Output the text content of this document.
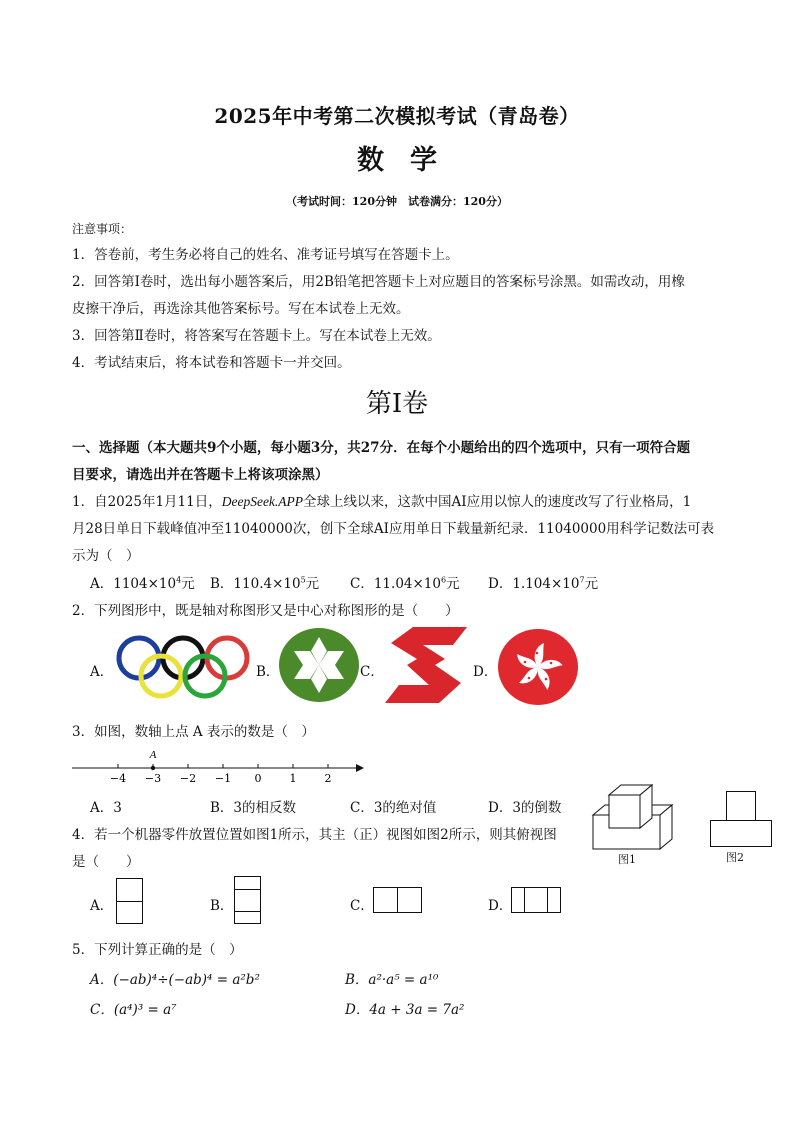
2025年中考第二次模拟考试（青岛卷）
数学
（考试时间：120分钟　试卷满分：120分）
注意事项：
1．答卷前，考生务必将自己的姓名、准考证号填写在答题卡上。
2．回答第Ⅰ卷时，选出每小题答案后，用2B铅笔把答题卡上对应题目的答案标号涂黑。如需改动，用橡
皮擦干净后，再选涂其他答案标号。写在本试卷上无效。
3．回答第Ⅱ卷时，将答案写在答题卡上。写在本试卷上无效。
4．考试结束后，将本试卷和答题卡一并交回。
第Ⅰ卷
一、选择题（本大题共9个小题，每小题3分，共27分．在每个小题给出的四个选项中，只有一项符合题
目要求，请选出并在答题卡上将该项涂黑）
1．自2025年1月11日，DeepSeek.APP全球上线以来，这款中国AI应用以惊人的速度改写了行业格局，1
月28日单日下载峰值冲至11040000次，创下全球AI应用单日下载量新纪录．11040000用科学记数法可表
示为（　）
A．$1104\times 10^4$元 B．$110.4\times 10^5$元 C．$11.04\times 10^6$元 D．$1.104\times 10^7$元
2．下列图形中，既是轴对称图形又是中心对称图形的是（　　）
A．	B．	C．	D．
3．如图，数轴上点 A 表示的数是（　）
A
−4 −3 −2 −1 0	1	2
A．3	B．3的相反数	C．3的绝对值	D．3的倒数
4．若一个机器零件放置位置如图1所示，其主（正）视图如图2所示，则其俯视图
是（　　）	图1	图2
A．	B．	C．	D．
5．下列计算正确的是（　）
A．(−ab)⁴÷(−ab)⁴ = a²b²	B．a²·a⁵ = a¹⁰
C．(a⁴)³ = a⁷	D．4a + 3a = 7a²
